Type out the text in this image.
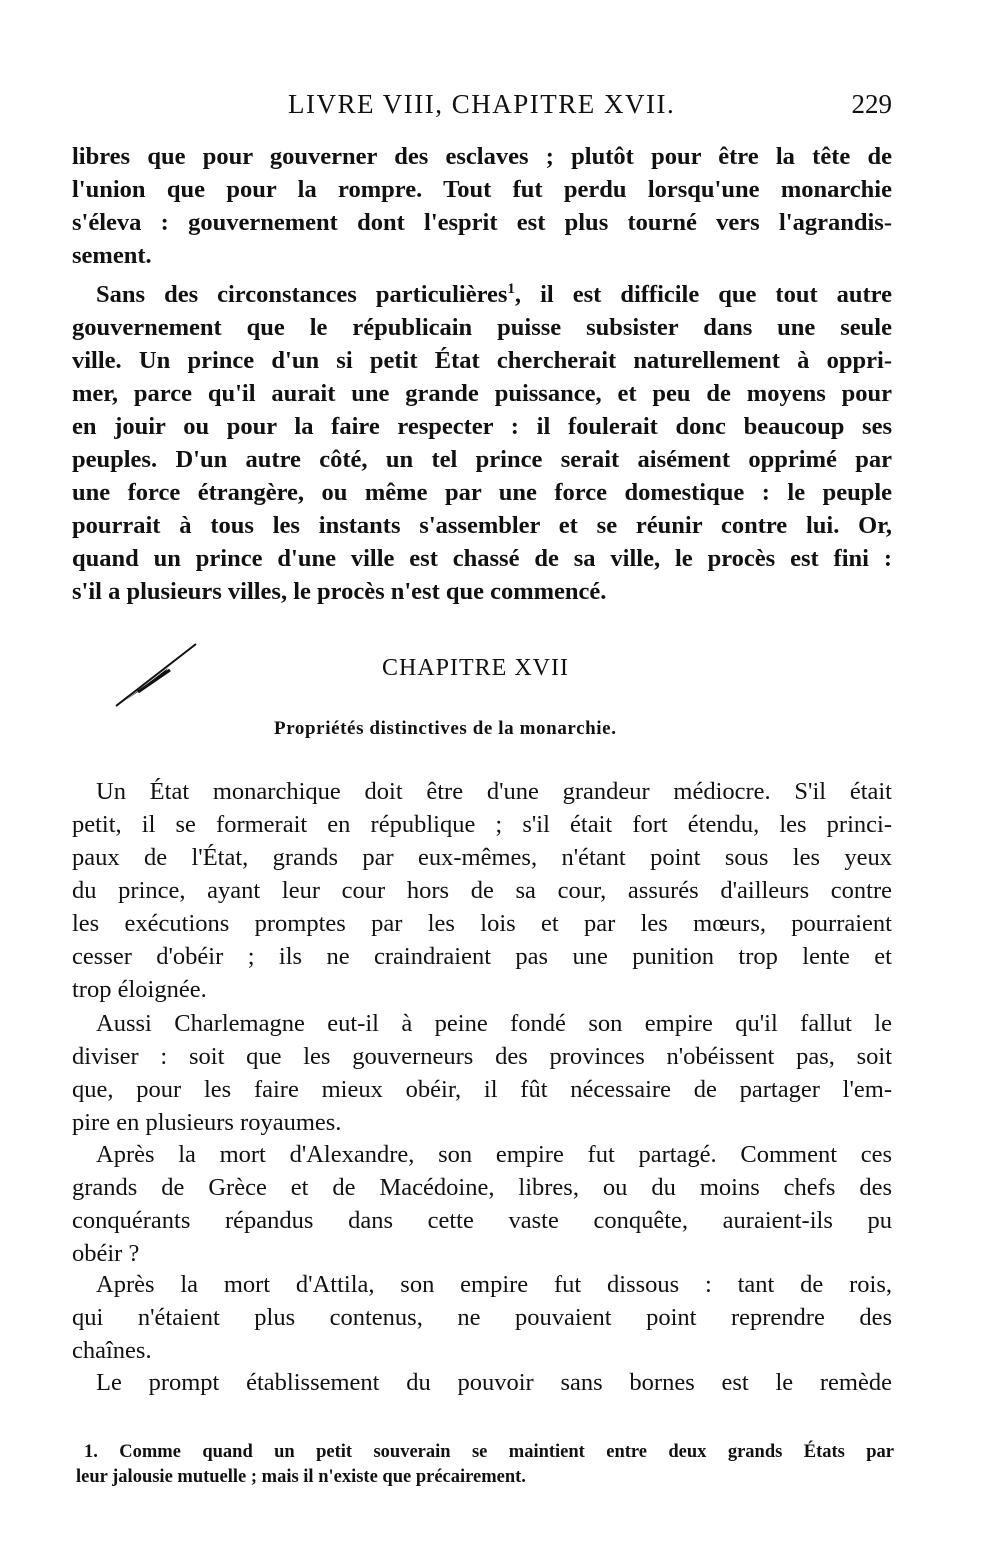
LIVRE VIII, CHAPITRE XVII.	229
libres que pour gouverner des esclaves ; plutôt pour être la tête de
l'union que pour la rompre. Tout fut perdu lorsqu'une monarchie
s'éleva : gouvernement dont l'esprit est plus tourné vers l'agrandis-
sement.
Sans des circonstances particulières$^1$, il est difficile que tout autre
gouvernement que le républicain puisse subsister dans une seule
ville. Un prince d'un si petit État chercherait naturellement à oppri-
mer, parce qu'il aurait une grande puissance, et peu de moyens pour
en jouir ou pour la faire respecter : il foulerait donc beaucoup ses
peuples. D'un autre côté, un tel prince serait aisément opprimé par
une force étrangère, ou même par une force domestique : le peuple
pourrait à tous les instants s'assembler et se réunir contre lui. Or,
quand un prince d'une ville est chassé de sa ville, le procès est fini :
s'il a plusieurs villes, le procès n'est que commencé.
CHAPITRE XVII
Propriétés distinctives de la monarchie.
Un État monarchique doit être d'une grandeur médiocre. S'il était
petit, il se formerait en république ; s'il était fort étendu, les princi-
paux de l'État, grands par eux-mêmes, n'étant point sous les yeux
du prince, ayant leur cour hors de sa cour, assurés d'ailleurs contre
les exécutions promptes par les lois et par les mœurs, pourraient
cesser d'obéir ; ils ne craindraient pas une punition trop lente et
trop éloignée.
Aussi Charlemagne eut-il à peine fondé son empire qu'il fallut le
diviser : soit que les gouverneurs des provinces n'obéissent pas, soit
que, pour les faire mieux obéir, il fût nécessaire de partager l'em-
pire en plusieurs royaumes.
Après la mort d'Alexandre, son empire fut partagé. Comment ces
grands de Grèce et de Macédoine, libres, ou du moins chefs des
conquérants répandus dans cette vaste conquête, auraient-ils pu
obéir ?
Après la mort d'Attila, son empire fut dissous : tant de rois,
qui n'étaient plus contenus, ne pouvaient point reprendre des
chaînes.
Le prompt établissement du pouvoir sans bornes est le remède
1. Comme quand un petit souverain se maintient entre deux grands États par
leur jalousie mutuelle ; mais il n'existe que précairement.
